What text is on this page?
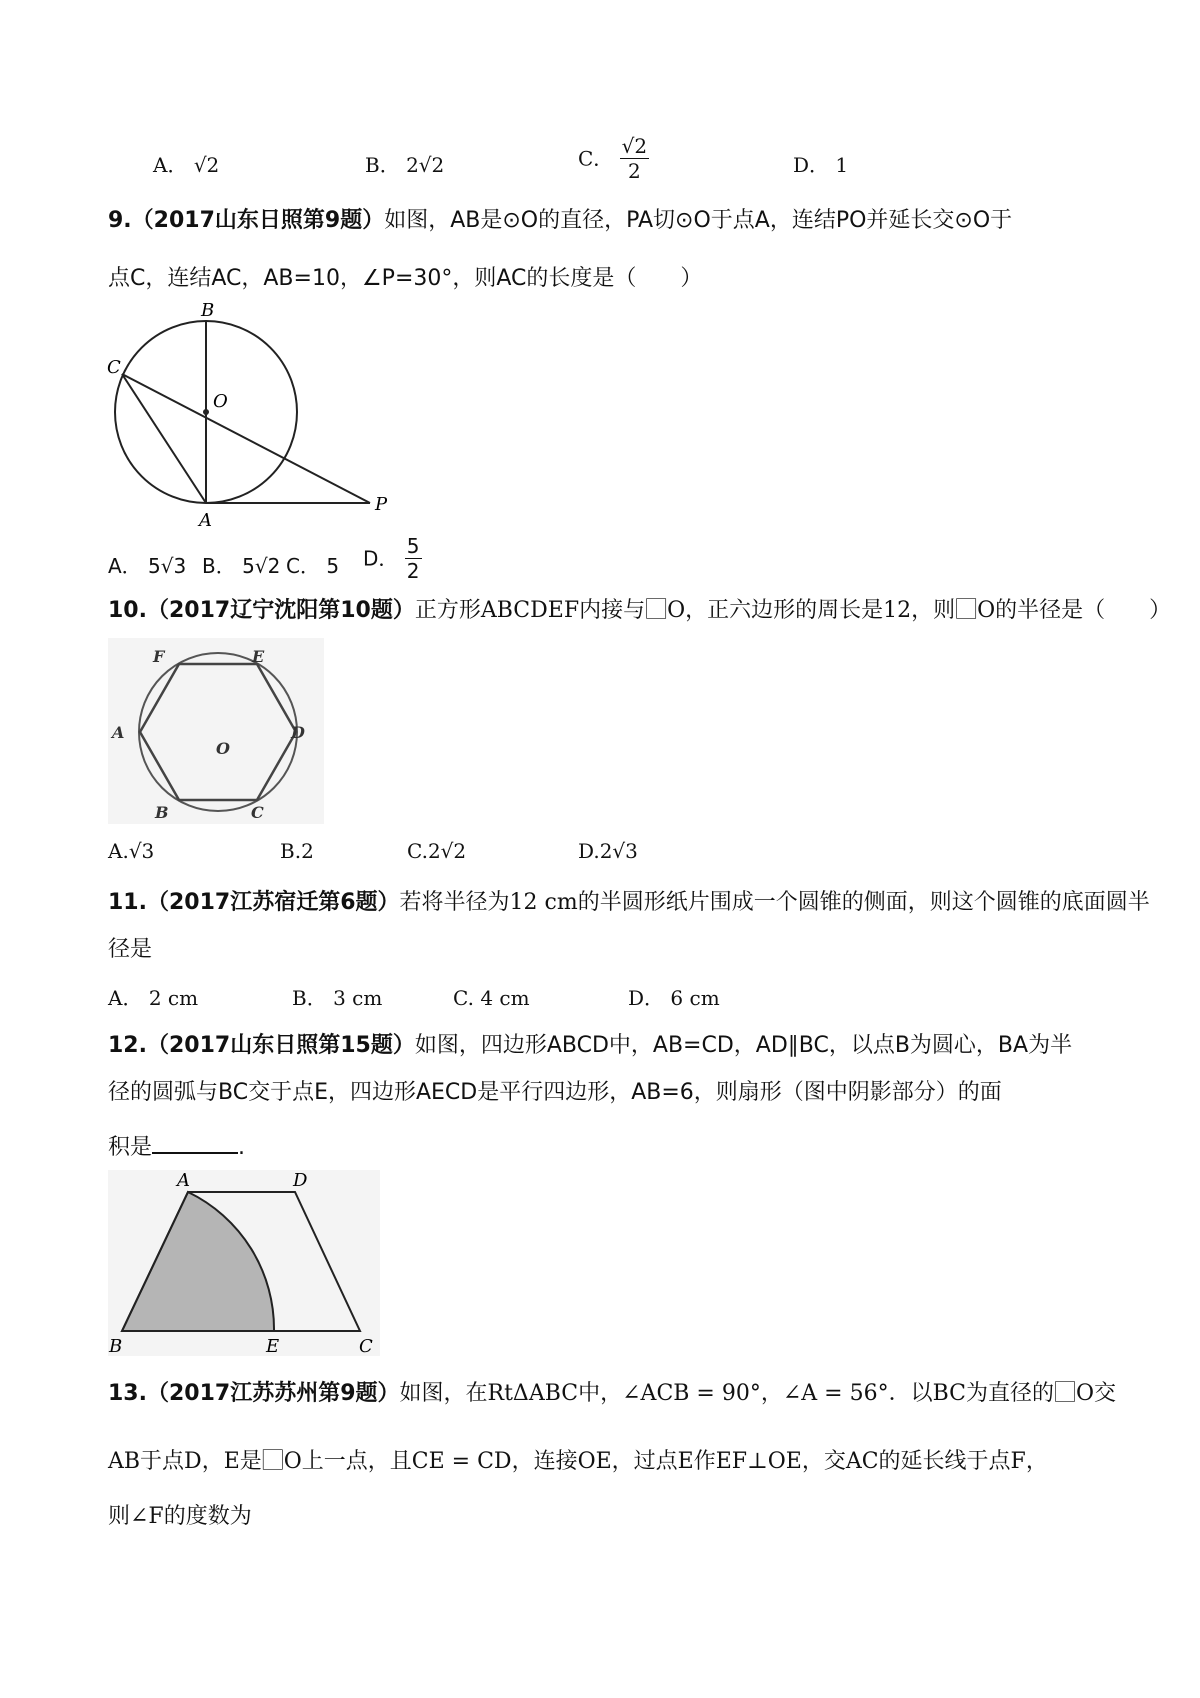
A． √2	B． 2√2	C． $\frac{√2}{2}$	D． 1
9.（2017山东日照第9题）如图，AB是⊙O的直径，PA切⊙O于点A，连结PO并延长交⊙O于
点C，连结AC，AB=10，∠P=30°，则AC的长度是（　　）
B
C
O
A
P
A． 5√3 B． 5√2 C． 5 D． $\frac{5}{2}$
10.（2017辽宁沈阳第10题）正方形ABCDEF内接与⃞O，正六边形的周长是12，则⃞O的半径是（　　）
F	E
A	D
O
B	C
A.√3	B.2	C.2√2	D.2√3
11.（2017江苏宿迁第6题）若将半径为12 cm的半圆形纸片围成一个圆锥的侧面，则这个圆锥的底面圆半
径是
A． 2 cm	B． 3 cm	C. 4 cm	D． 6 cm
12.（2017山东日照第15题）如图，四边形ABCD中，AB=CD，AD∥BC，以点B为圆心，BA为半
径的圆弧与BC交于点E，四边形AECD是平行四边形，AB=6，则扇形（图中阴影部分）的面
积是	.
A	D
B	E	C
13.（2017江苏苏州第9题）如图，在RtΔABC中，∠ACB = 90°，∠A = 56°．以BC为直径的⃞O交
AB于点D，E是⃞O上一点，且CE = CD，连接OE，过点E作EF⊥OE，交AC的延长线于点F，
则∠F的度数为
